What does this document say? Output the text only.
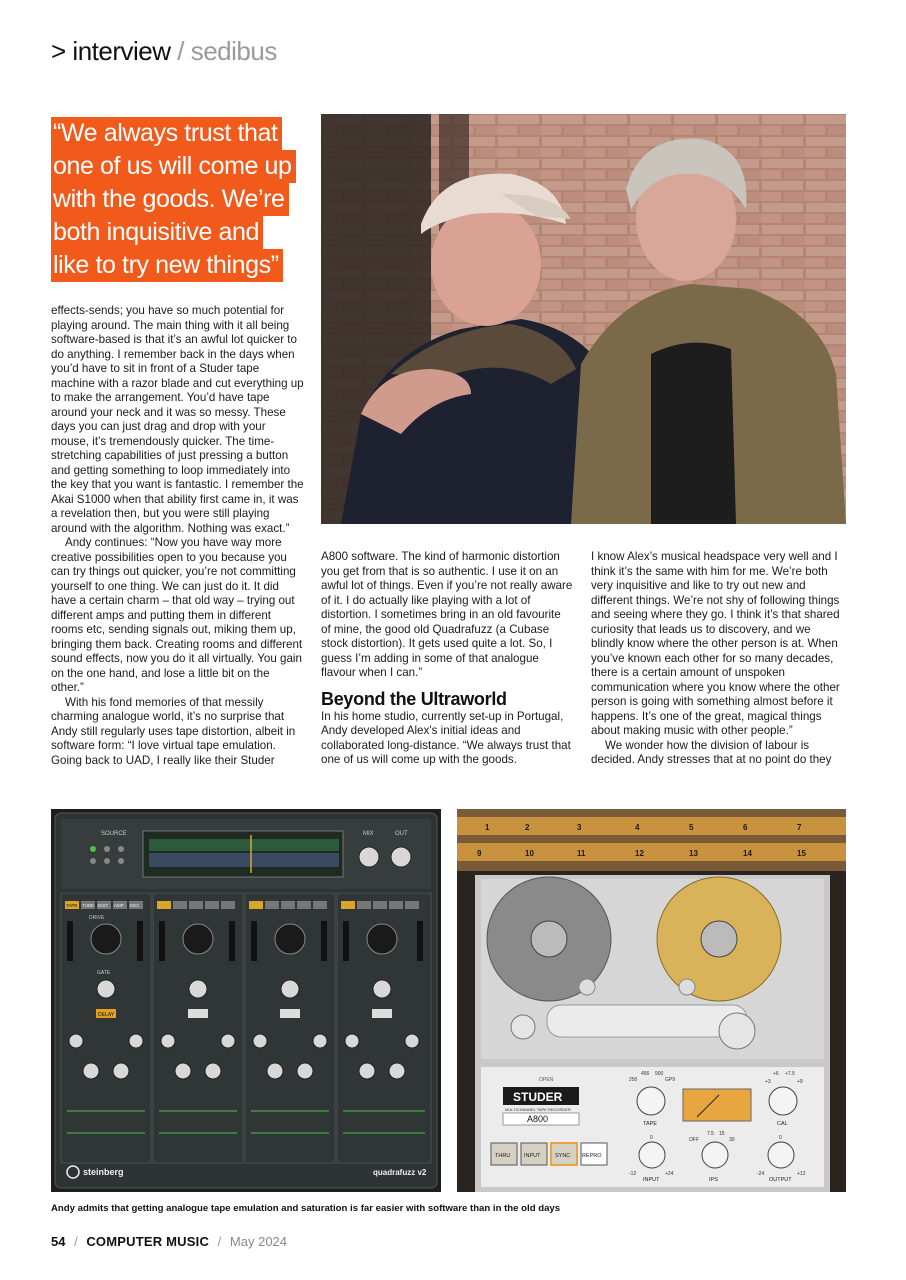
> interview / sedibus
“We always trust that
one of us will come up
with the goods. We’re
both inquisitive and
like to try new things”

effects-sends; you have so much potential for playing around. The main thing with it all being software-based is that it’s an awful lot quicker to do anything. I remember back in the days when you’d have to sit in front of a Studer tape machine with a razor blade and cut everything up to make the arrangement. You’d have tape around your neck and it was so messy. These days you can just drag and drop with your mouse, it’s tremendously quicker. The time-stretching capabilities of just pressing a button and getting something to loop immediately into the key that you want is fantastic. I remember the Akai S1000 when that ability first came in, it was a revelation then, but you were still playing around with the algorithm. Nothing was exact.”

Andy continues: “Now you have way more creative possibilities open to you because you can try things out quicker, you’re not committing yourself to one thing. We can just do it. It did have a certain charm – that old way – trying out different amps and putting them in different rooms etc, sending signals out, miking them up, bringing them back. Creating rooms and different sound effects, now you do it all virtually. You gain on the one hand, and lose a little bit on the other.”

With his fond memories of that messily charming analogue world, it’s no surprise that Andy still regularly uses tape distortion, albeit in software form: “I love virtual tape emulation. Going back to UAD, I really like their Studer

A800 software. The kind of harmonic distortion you get from that is so authentic. I use it on an awful lot of things. Even if you’re not really aware of it. I do actually like playing with a lot of distortion. I sometimes bring in an old favourite of mine, the good old Quadrafuzz (a Cubase stock distortion). It gets used quite a lot. So, I guess I’m adding in some of that analogue flavour when I can.”

Beyond the Ultraworld

In his home studio, currently set-up in Portugal, Andy developed Alex’s initial ideas and collaborated long-distance. “We always trust that one of us will come up with the goods.

I know Alex’s musical headspace very well and I think it’s the same with him for me. We’re both very inquisitive and like to try out new and different things. We’re not shy of following things and seeing where they go. I think it’s that shared curiosity that leads us to discovery, and we blindly know where the other person is at. When you’ve known each other for so many decades, there is a certain amount of unspoken communication where you know where the other person is going with something almost before it happens. It’s one of the great, magical things about making music with other people.”

We wonder how the division of labour is decided. Andy stresses that at no point do they

SOURCE	MIX	OUT
TAPE TUBE DIST AMP DEC
DRIVE
GATE
DELAY
steinberg	quadrafuzz v2
1	2	3	4	5	6	7
9	10	11	12	13	14	15
OPEN
STUDER
MULTICHANNEL TAPE RECORDER
A800
250
456 900
GP9
TAPE
+3
+6 +7.5
+9
CAL
THRU INPUT	SYNC REPRO
-12
0
+24
INPUT
OFF
7.5 15
30
IPS
-24
0
+12
OUTPUT
Andy admits that getting analogue tape emulation and saturation is far easier with software than in the old days
54 / COMPUTER MUSIC / May 2024
